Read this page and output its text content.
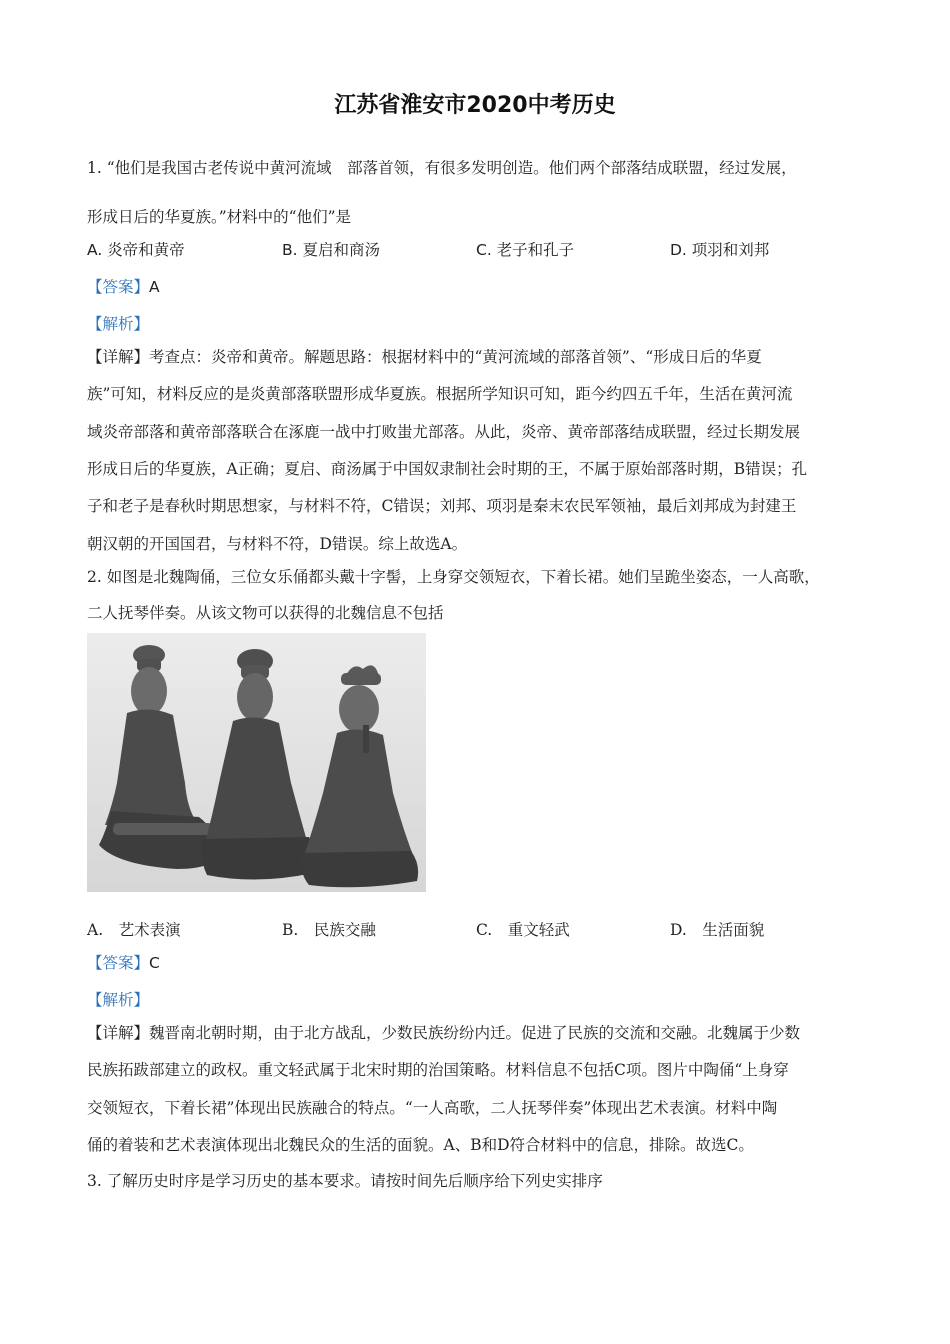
江苏省淮安市2020中考历史
1. “他们是我国古老传说中黄河流域　部落首领，有很多发明创造。他们两个部落结成联盟，经过发展，
形成日后的华夏族。”材料中的“他们”是
A. 炎帝和黄帝	B. 夏启和商汤	C. 老子和孔子	D. 项羽和刘邦
【答案】A
【解析】
【详解】考查点：炎帝和黄帝。解题思路：根据材料中的“黄河流域的部落首领”、“形成日后的华夏
族”可知，材料反应的是炎黄部落联盟形成华夏族。根据所学知识可知，距今约四五千年，生活在黄河流
域炎帝部落和黄帝部落联合在涿鹿一战中打败蚩尤部落。从此，炎帝、黄帝部落结成联盟，经过长期发展
形成日后的华夏族，A正确；夏启、商汤属于中国奴隶制社会时期的王，不属于原始部落时期，B错误；孔
子和老子是春秋时期思想家，与材料不符，C错误；刘邦、项羽是秦末农民军领袖，最后刘邦成为封建王
朝汉朝的开国国君，与材料不符，D错误。综上故选A。
2. 如图是北魏陶俑，三位女乐俑都头戴十字髻，上身穿交领短衣，下着长裙。她们呈跪坐姿态，一人高歌，
二人抚琴伴奏。从该文物可以获得的北魏信息不包括
A.　艺术表演	B.　民族交融	C.　重文轻武	D.　生活面貌
【答案】C
【解析】
【详解】魏晋南北朝时期，由于北方战乱，少数民族纷纷内迁。促进了民族的交流和交融。北魏属于少数
民族拓跋部建立的政权。重文轻武属于北宋时期的治国策略。材料信息不包括C项。图片中陶俑“上身穿
交领短衣，下着长裙”体现出民族融合的特点。“一人高歌，二人抚琴伴奏”体现出艺术表演。材料中陶
俑的着装和艺术表演体现出北魏民众的生活的面貌。A、B和D符合材料中的信息，排除。故选C。
3. 了解历史时序是学习历史的基本要求。请按时间先后顺序给下列史实排序
